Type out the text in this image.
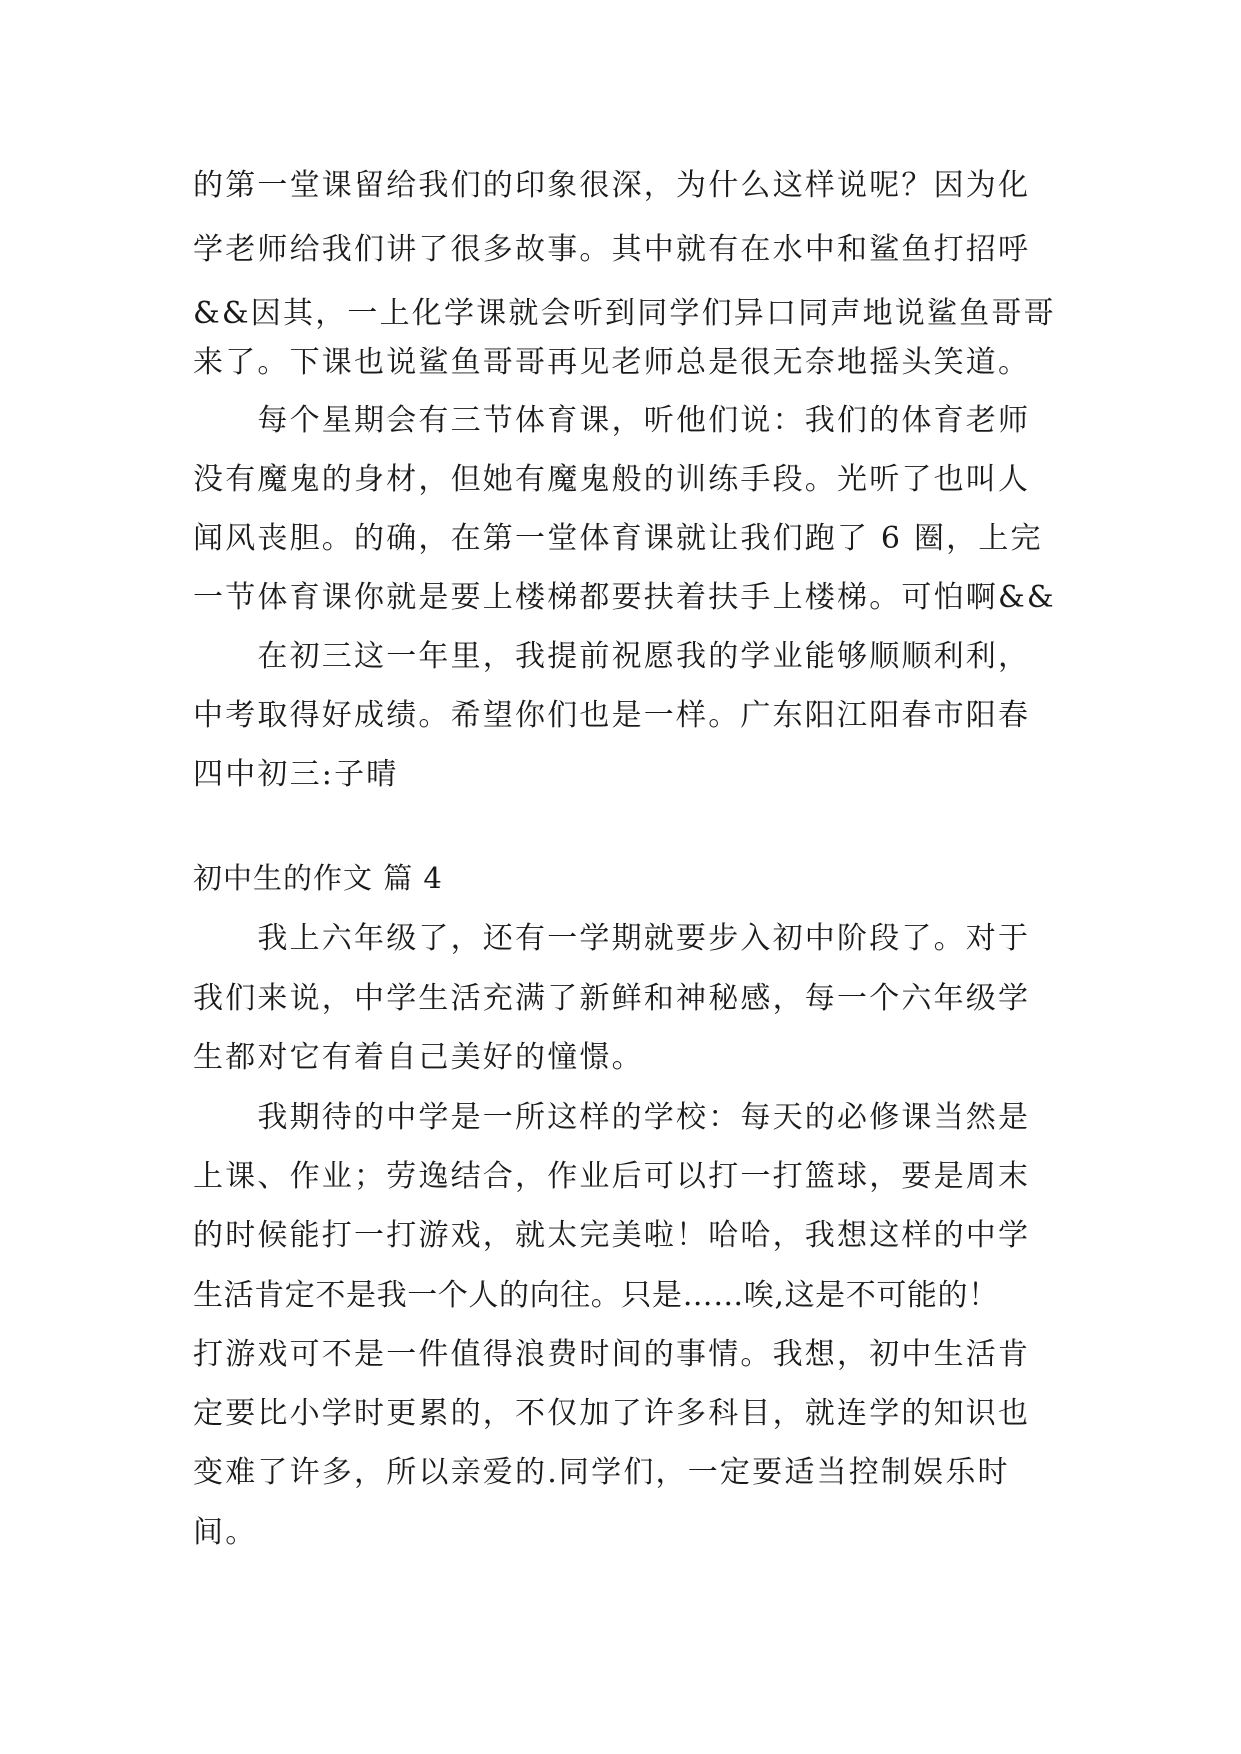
的第一堂课留给我们的印象很深，为什么这样说呢？因为化
学老师给我们讲了很多故事。其中就有在水中和鲨鱼打招呼
&&因其，一上化学课就会听到同学们异口同声地说鲨鱼哥哥
来了。下课也说鲨鱼哥哥再见老师总是很无奈地摇头笑道。
　　每个星期会有三节体育课，听他们说：我们的体育老师
没有魔鬼的身材，但她有魔鬼般的训练手段。光听了也叫人
闻风丧胆。的确，在第一堂体育课就让我们跑了 6 圈，上完
一节体育课你就是要上楼梯都要扶着扶手上楼梯。可怕啊&&
　　在初三这一年里，我提前祝愿我的学业能够顺顺利利，
中考取得好成绩。希望你们也是一样。广东阳江阳春市阳春
四中初三:子晴
初中生的作文 篇 4
　　我上六年级了，还有一学期就要步入初中阶段了。对于
我们来说，中学生活充满了新鲜和神秘感，每一个六年级学
生都对它有着自己美好的憧憬。
　　我期待的中学是一所这样的学校：每天的必修课当然是
上课、作业；劳逸结合，作业后可以打一打篮球，要是周末
的时候能打一打游戏，就太完美啦！哈哈，我想这样的中学
生活肯定不是我一个人的向往。只是……唉,这是不可能的！
打游戏可不是一件值得浪费时间的事情。我想，初中生活肯
定要比小学时更累的，不仅加了许多科目，就连学的知识也
变难了许多，所以亲爱的.同学们，一定要适当控制娱乐时
间。
